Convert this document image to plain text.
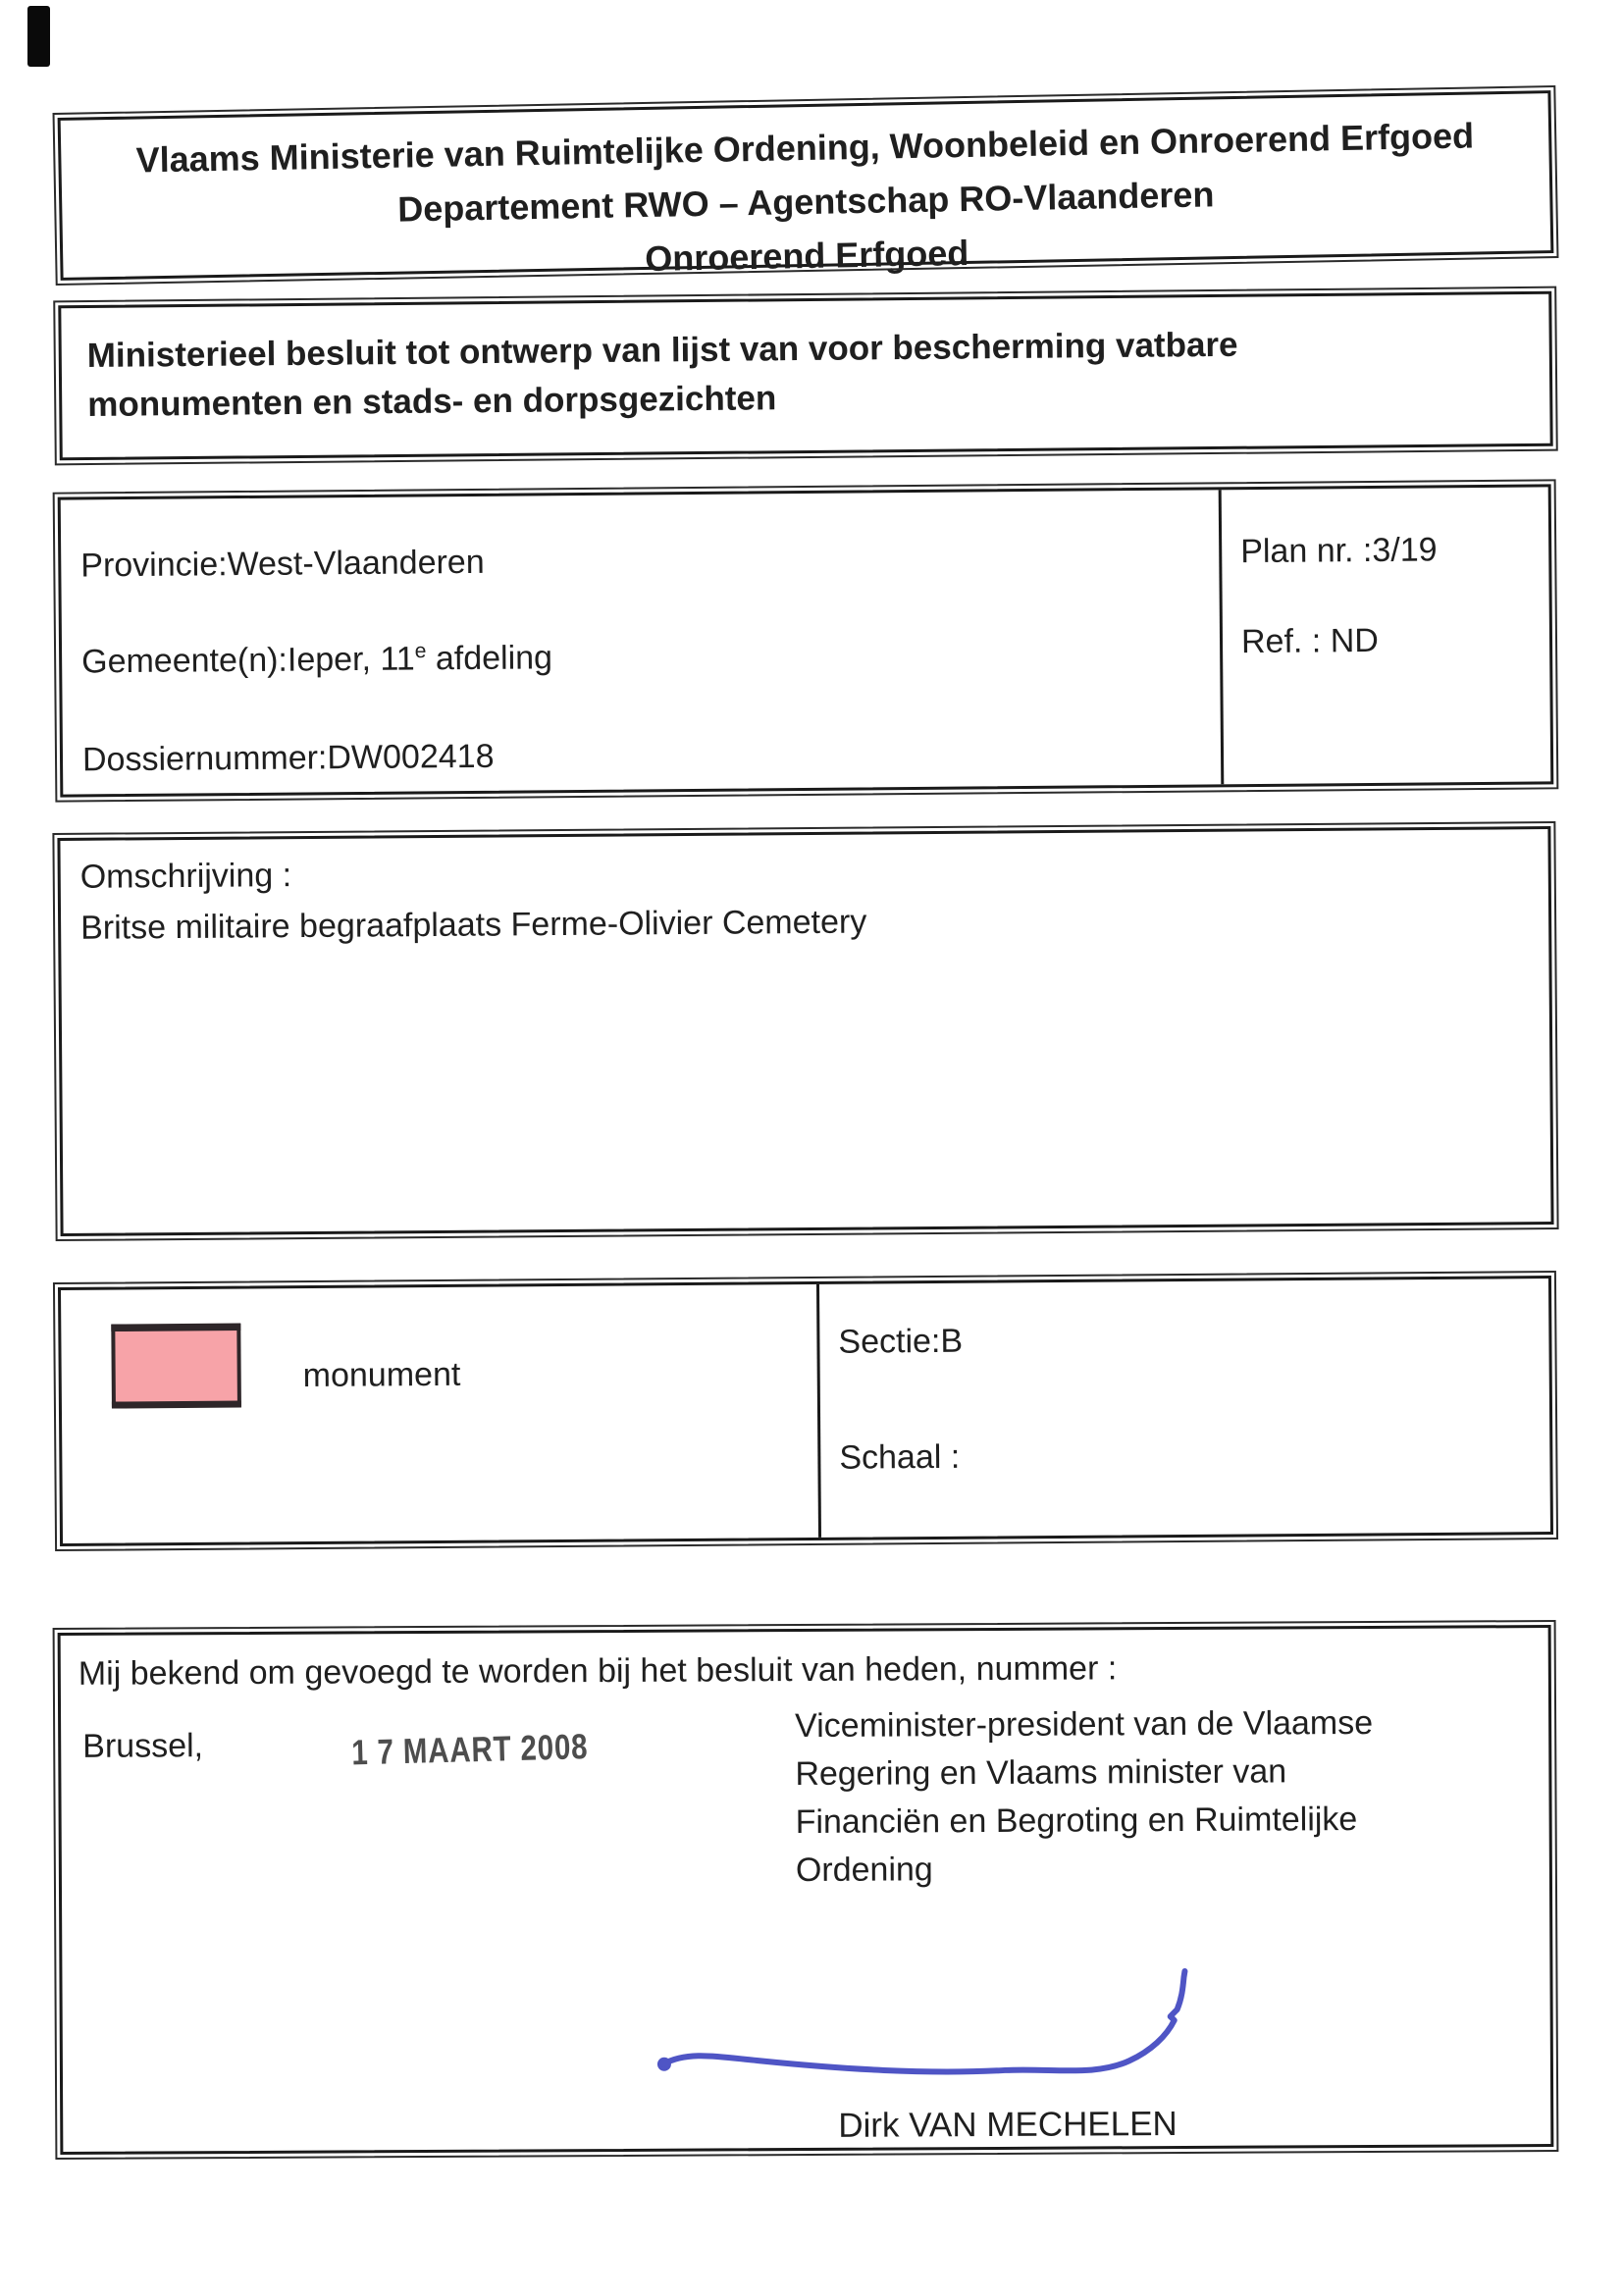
Vlaams Ministerie van Ruimtelijke Ordening, Woonbeleid en Onroerend Erfgoed
Departement RWO – Agentschap RO-Vlaanderen
Onroerend Erfgoed
Ministerieel besluit tot ontwerp van lijst van voor bescherming vatbare
monumenten en stads- en dorpsgezichten
Provincie:West-Vlaanderen
Gemeente(n):Ieper, 11e afdeling
Dossiernummer:DW002418
Plan nr. :3/19
Ref. : ND
Omschrijving :
Britse militaire begraafplaats Ferme-Olivier Cemetery
monument
Sectie:B
Schaal :
Mij bekend om gevoegd te worden bij het besluit van heden, nummer :
Brussel,	1 7 MAART 2008
Viceminister-president van de Vlaamse
Regering en Vlaams minister van
Financiën en Begroting en Ruimtelijke
Ordening
Dirk VAN MECHELEN
